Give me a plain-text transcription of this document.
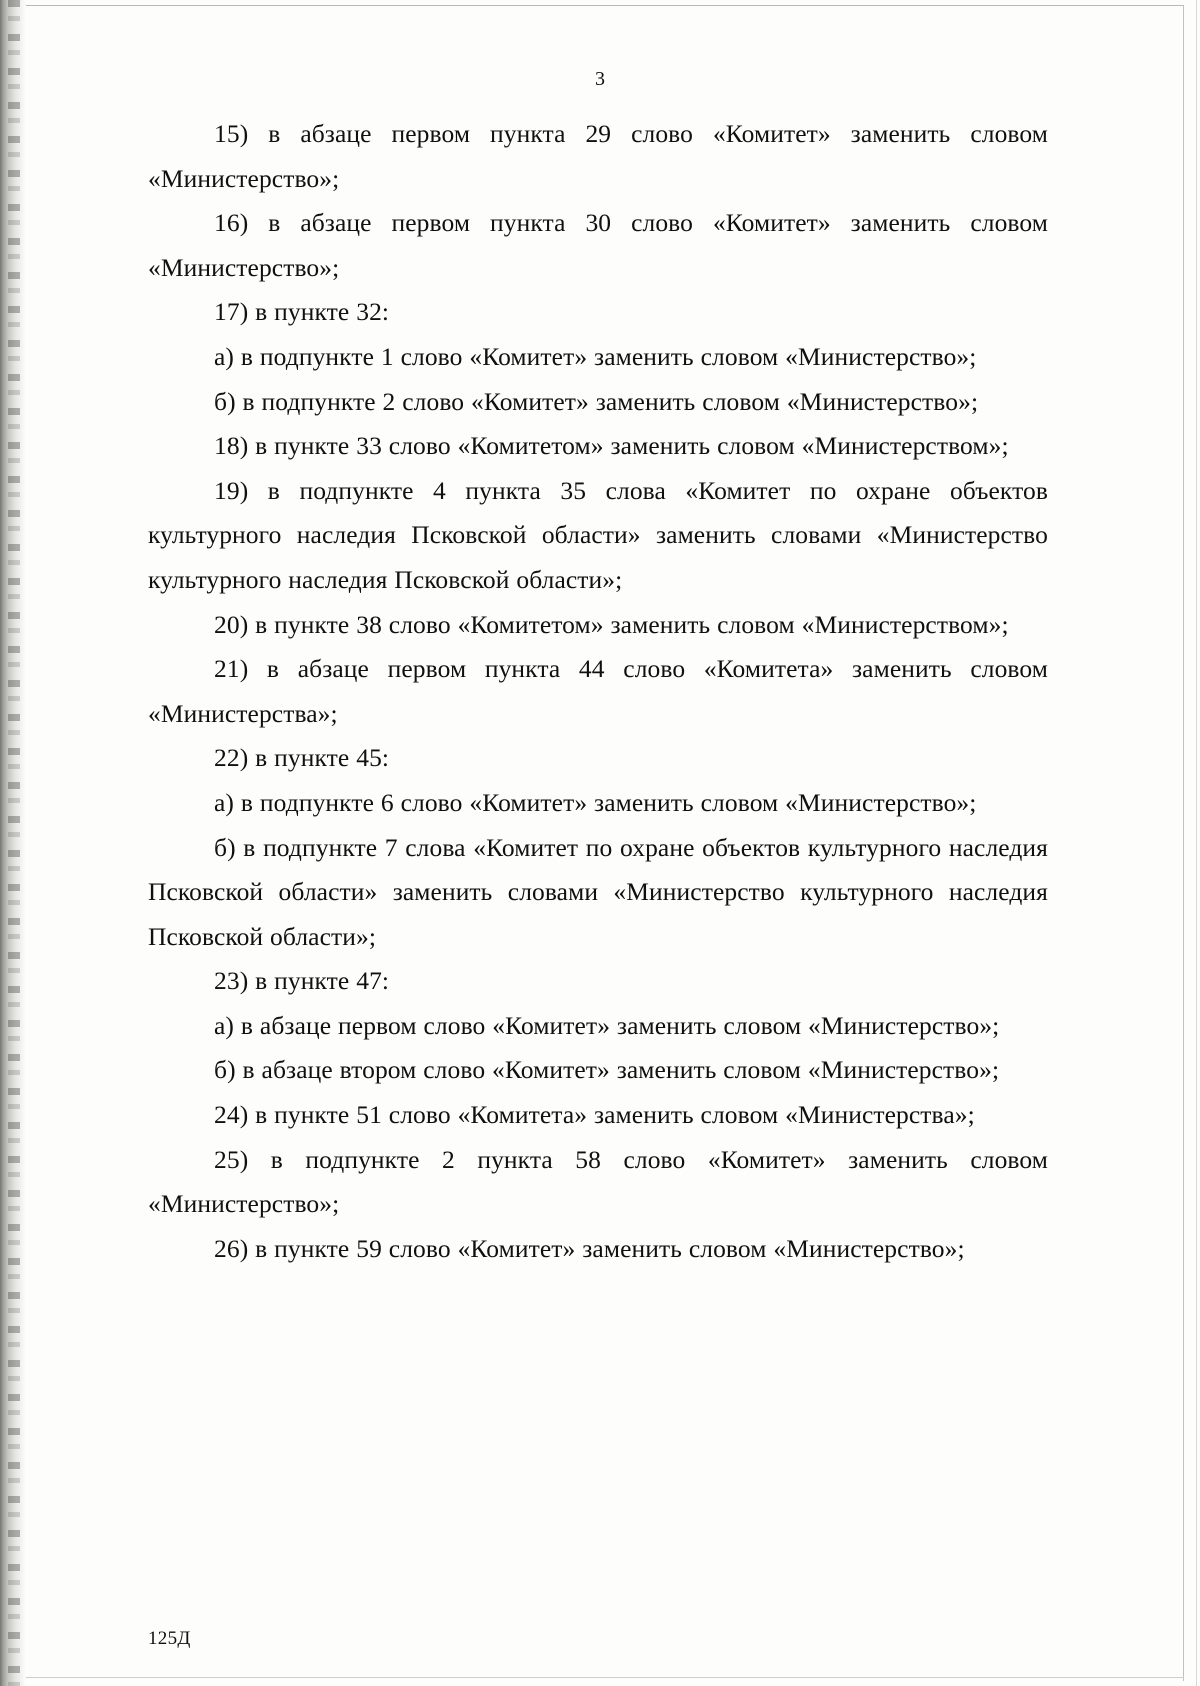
3

15) в абзаце первом пункта 29 слово «Комитет» заменить словом «Министерство»;

16) в абзаце первом пункта 30 слово «Комитет» заменить словом «Министерство»;

17) в пункте 32:

а) в подпункте 1 слово «Комитет» заменить словом «Министерство»;

б) в подпункте 2 слово «Комитет» заменить словом «Министерство»;

18) в пункте 33 слово «Комитетом» заменить словом «Министерством»;

19) в подпункте 4 пункта 35 слова «Комитет по охране объектов культурного наследия Псковской области» заменить словами «Министерство культурного наследия Псковской области»;

20) в пункте 38 слово «Комитетом» заменить словом «Министерством»;

21) в абзаце первом пункта 44 слово «Комитета» заменить словом «Министерства»;

22) в пункте 45:

а) в подпункте 6 слово «Комитет» заменить словом «Министерство»;

б) в подпункте 7 слова «Комитет по охране объектов культурного наследия Псковской области» заменить словами «Министерство культурного наследия Псковской области»;

23) в пункте 47:

а) в абзаце первом слово «Комитет» заменить словом «Министерство»;

б) в абзаце втором слово «Комитет» заменить словом «Министерство»;

24) в пункте 51 слово «Комитета» заменить словом «Министерства»;

25) в подпункте 2 пункта 58 слово «Комитет» заменить словом «Министерство»;

26) в пункте 59 слово «Комитет» заменить словом «Министерство»;

125Д
